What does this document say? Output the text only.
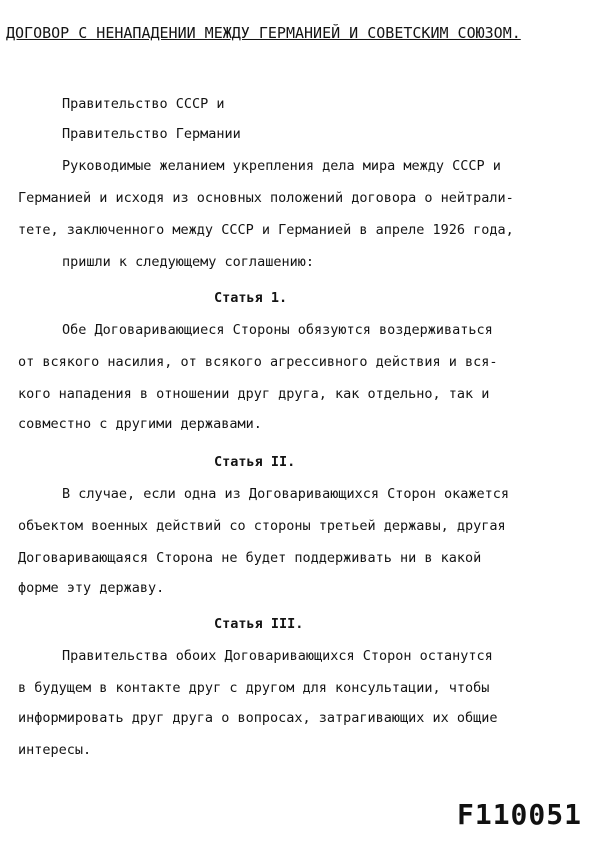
ДОГОВОР С НЕНАПАДЕНИИ МЕЖДУ ГЕРМАНИЕЙ И СОВЕТСКИМ СОЮЗОМ.
Правительство СССР и
Правительство Германии
Руководимые желанием укрепления дела мира между СССР и
Германией и исходя из основных положений договора о нейтрали-
тете, заключенного между СССР и Германией в апреле 1926 года,
пришли к следующему соглашению:
Статья 1.
Обе Договаривающиеся Стороны обязуются воздерживаться
от всякого насилия, от всякого агрессивного действия и вся-
кого нападения в отношении друг друга, как отдельно, так и
совместно с другими державами.
Статья II.
В случае, если одна из Договаривающихся Сторон окажется
объектом военных действий со стороны третьей державы, другая
Договаривающаяся Сторона не будет поддерживать ни в какой
форме эту державу.
Статья III.
Правительства обоих Договаривающихся Сторон останутся
в будущем в контакте друг с другом для консультации, чтобы
информировать друг друга о вопросах, затрагивающих их общие
интересы.
F110051
